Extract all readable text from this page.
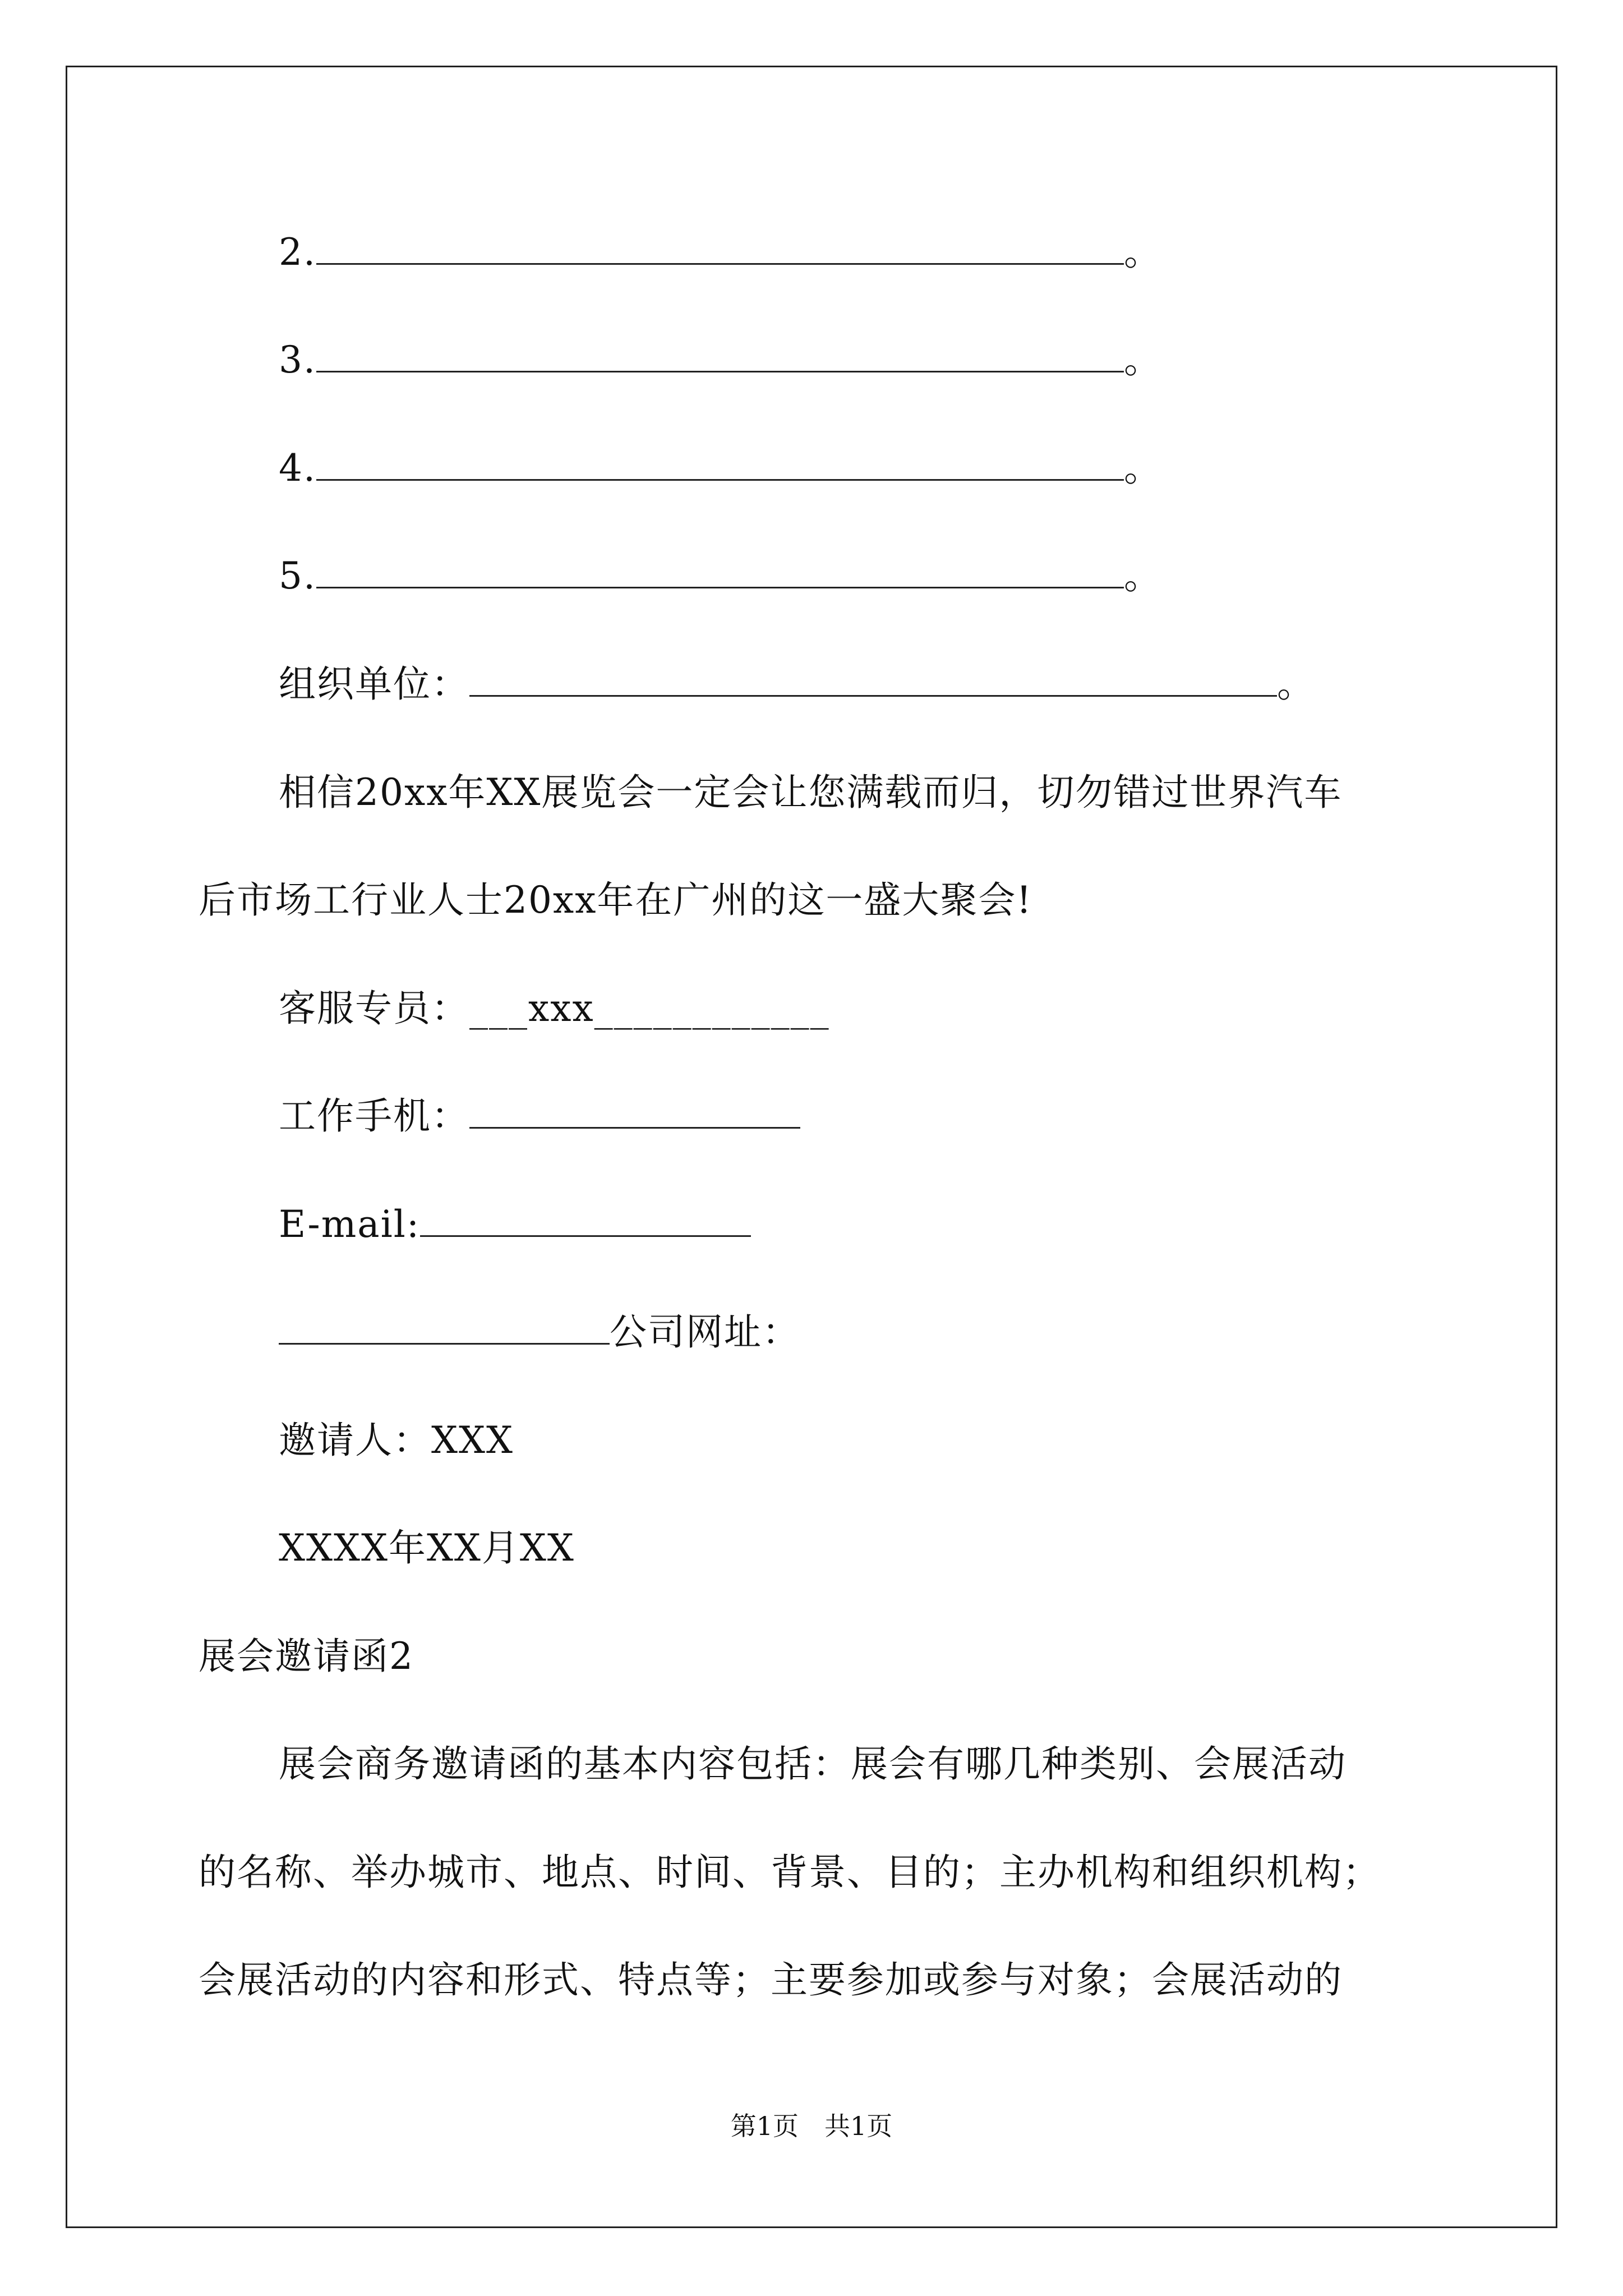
2.	。
3.	。
4.	。
5.	。
组织单位：	。
相信20xx年XX展览会一定会让您满载而归，切勿错过世界汽车
后市场工行业人士20xx年在广州的这一盛大聚会!
客服专员：___xxx____________
工作手机：
E-mail:
公司网址：
邀请人：XXX
XXXX年XX月XX
展会邀请函2
展会商务邀请函的基本内容包括：展会有哪几种类别、会展活动
的名称、举办城市、地点、时间、背景、目的；主办机构和组织机构；
会展活动的内容和形式、特点等；主要参加或参与对象；会展活动的
第1页 共1页
